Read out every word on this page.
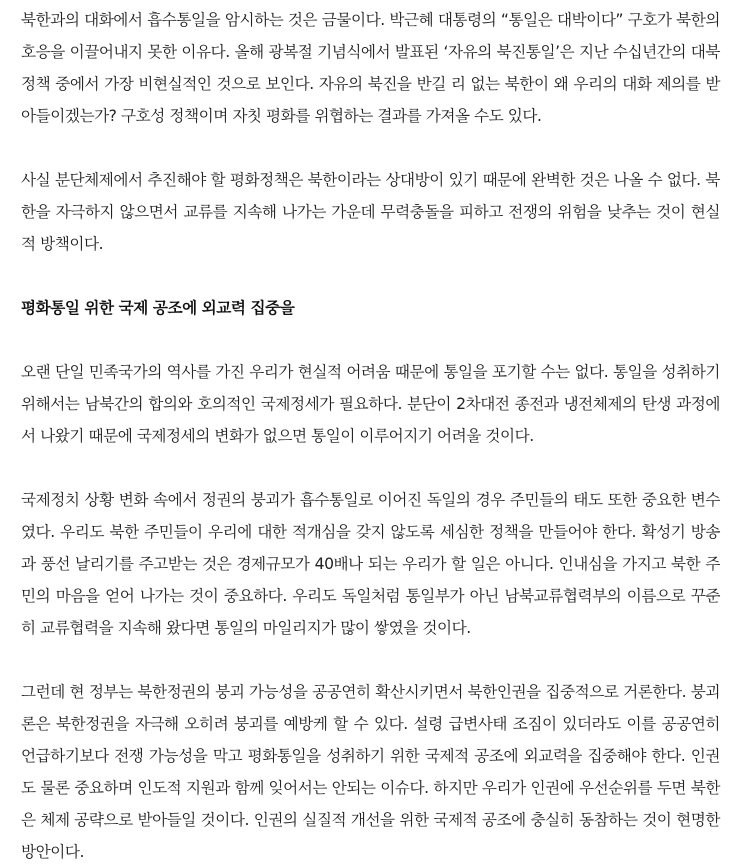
북한과의 대화에서 흡수통일을 암시하는 것은 금물이다. 박근혜 대통령의 “통일은 대박이다” 구호가 북한의 호응을 이끌어내지 못한 이유다. 올해 광복절 기념식에서 발표된 ‘자유의 북진통일’은 지난 수십년간의 대북정책 중에서 가장 비현실적인 것으로 보인다. 자유의 북진을 반길 리 없는 북한이 왜 우리의 대화 제의를 받아들이겠는가? 구호성 정책이며 자칫 평화를 위협하는 결과를 가져올 수도 있다.

사실 분단체제에서 추진해야 할 평화정책은 북한이라는 상대방이 있기 때문에 완벽한 것은 나올 수 없다. 북한을 자극하지 않으면서 교류를 지속해 나가는 가운데 무력충돌을 피하고 전쟁의 위험을 낮추는 것이 현실적 방책이다.

평화통일 위한 국제 공조에 외교력 집중을

오랜 단일 민족국가의 역사를 가진 우리가 현실적 어려움 때문에 통일을 포기할 수는 없다. 통일을 성취하기 위해서는 남북간의 합의와 호의적인 국제정세가 필요하다. 분단이 2차대전 종전과 냉전체제의 탄생 과정에서 나왔기 때문에 국제정세의 변화가 없으면 통일이 이루어지기 어려울 것이다.

국제정치 상황 변화 속에서 정권의 붕괴가 흡수통일로 이어진 독일의 경우 주민들의 태도 또한 중요한 변수였다. 우리도 북한 주민들이 우리에 대한 적개심을 갖지 않도록 세심한 정책을 만들어야 한다. 확성기 방송과 풍선 날리기를 주고받는 것은 경제규모가 40배나 되는 우리가 할 일은 아니다. 인내심을 가지고 북한 주민의 마음을 얻어 나가는 것이 중요하다. 우리도 독일처럼 통일부가 아닌 남북교류협력부의 이름으로 꾸준히 교류협력을 지속해 왔다면 통일의 마일리지가 많이 쌓였을 것이다.

그런데 현 정부는 북한정권의 붕괴 가능성을 공공연히 확산시키면서 북한인권을 집중적으로 거론한다. 붕괴론은 북한정권을 자극해 오히려 붕괴를 예방케 할 수 있다. 설령 급변사태 조짐이 있더라도 이를 공공연히 언급하기보다 전쟁 가능성을 막고 평화통일을 성취하기 위한 국제적 공조에 외교력을 집중해야 한다. 인권도 물론 중요하며 인도적 지원과 함께 잊어서는 안되는 이슈다. 하지만 우리가 인권에 우선순위를 두면 북한은 체제 공략으로 받아들일 것이다. 인권의 실질적 개선을 위한 국제적 공조에 충실히 동참하는 것이 현명한 방안이다.
